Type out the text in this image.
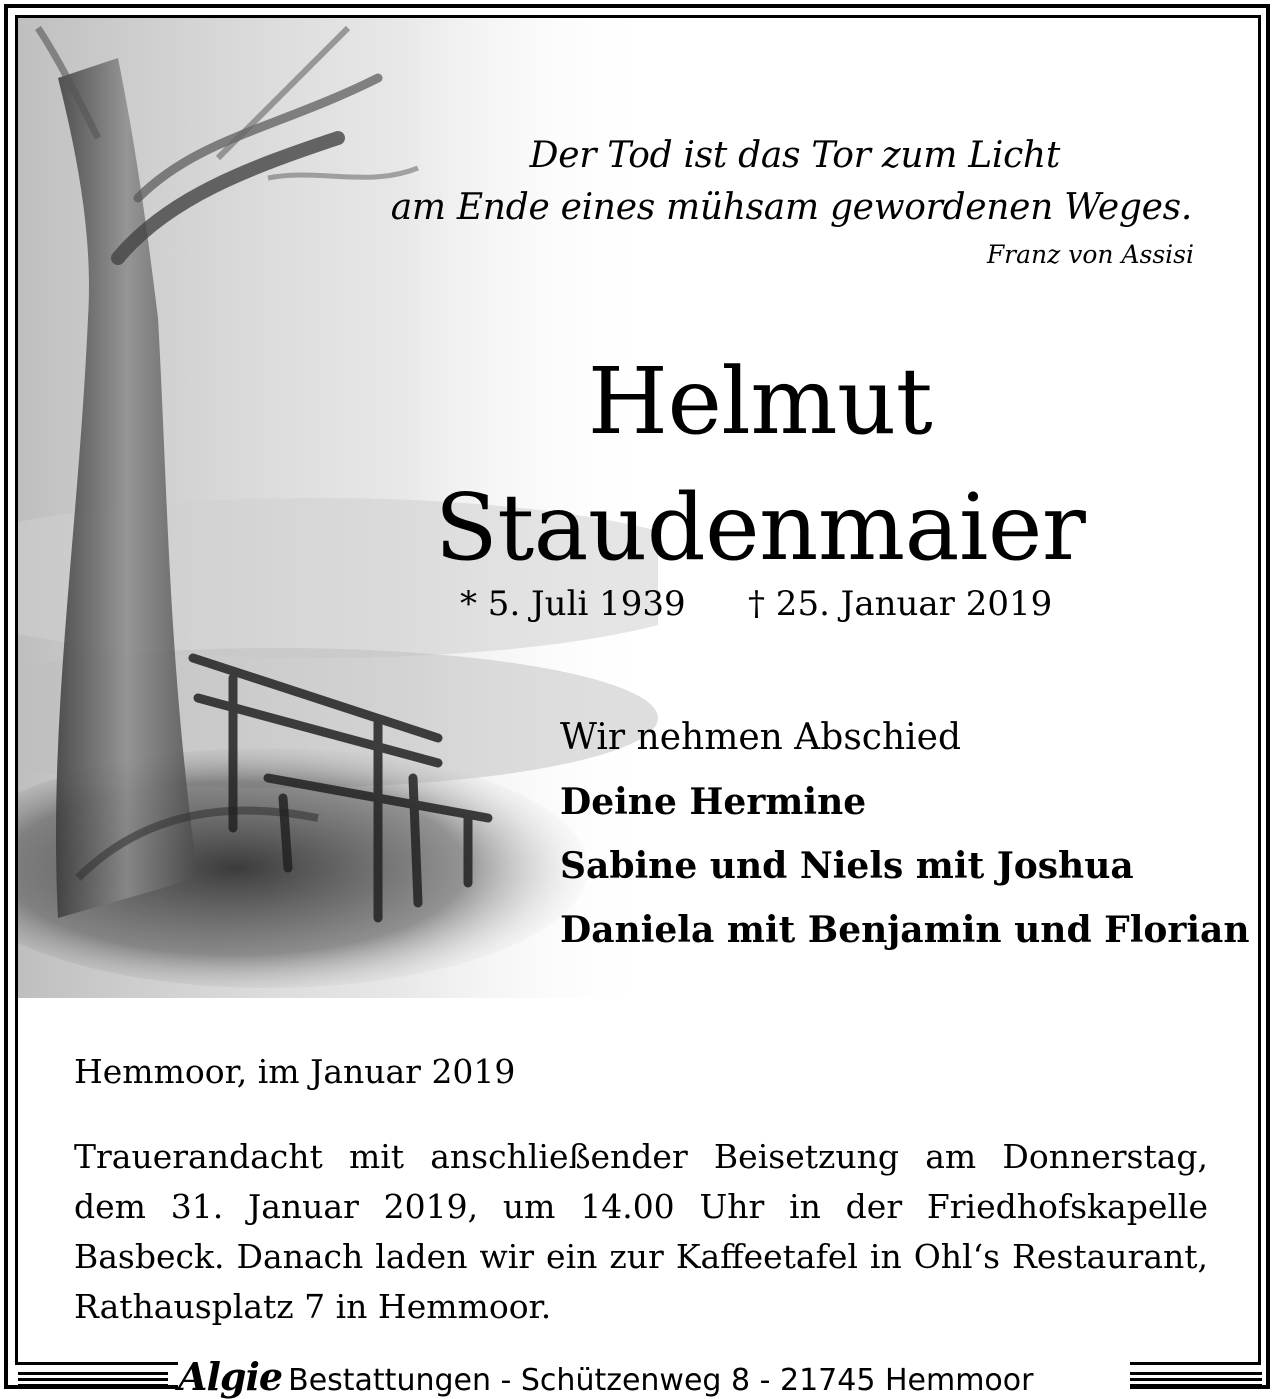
Der Tod ist das Tor zum Licht
am Ende eines mühsam gewordenen Weges.
Franz von Assisi
Helmut
Staudenmaier
* 5. Juli 1939 † 25. Januar 2019
Wir nehmen Abschied
Deine Hermine
Sabine und Niels mit Joshua
Daniela mit Benjamin und Florian
Hemmoor, im Januar 2019
Trauerandacht mit anschließender Beisetzung am Donnerstag, dem 31. Januar 2019, um 14.00 Uhr in der Friedhofskapelle Basbeck. Danach laden wir ein zur Kaffeetafel in Ohl‘s Restaurant, Rathausplatz 7 in Hemmoor.
Algie Bestattungen - Schützenweg 8 - 21745 Hemmoor
